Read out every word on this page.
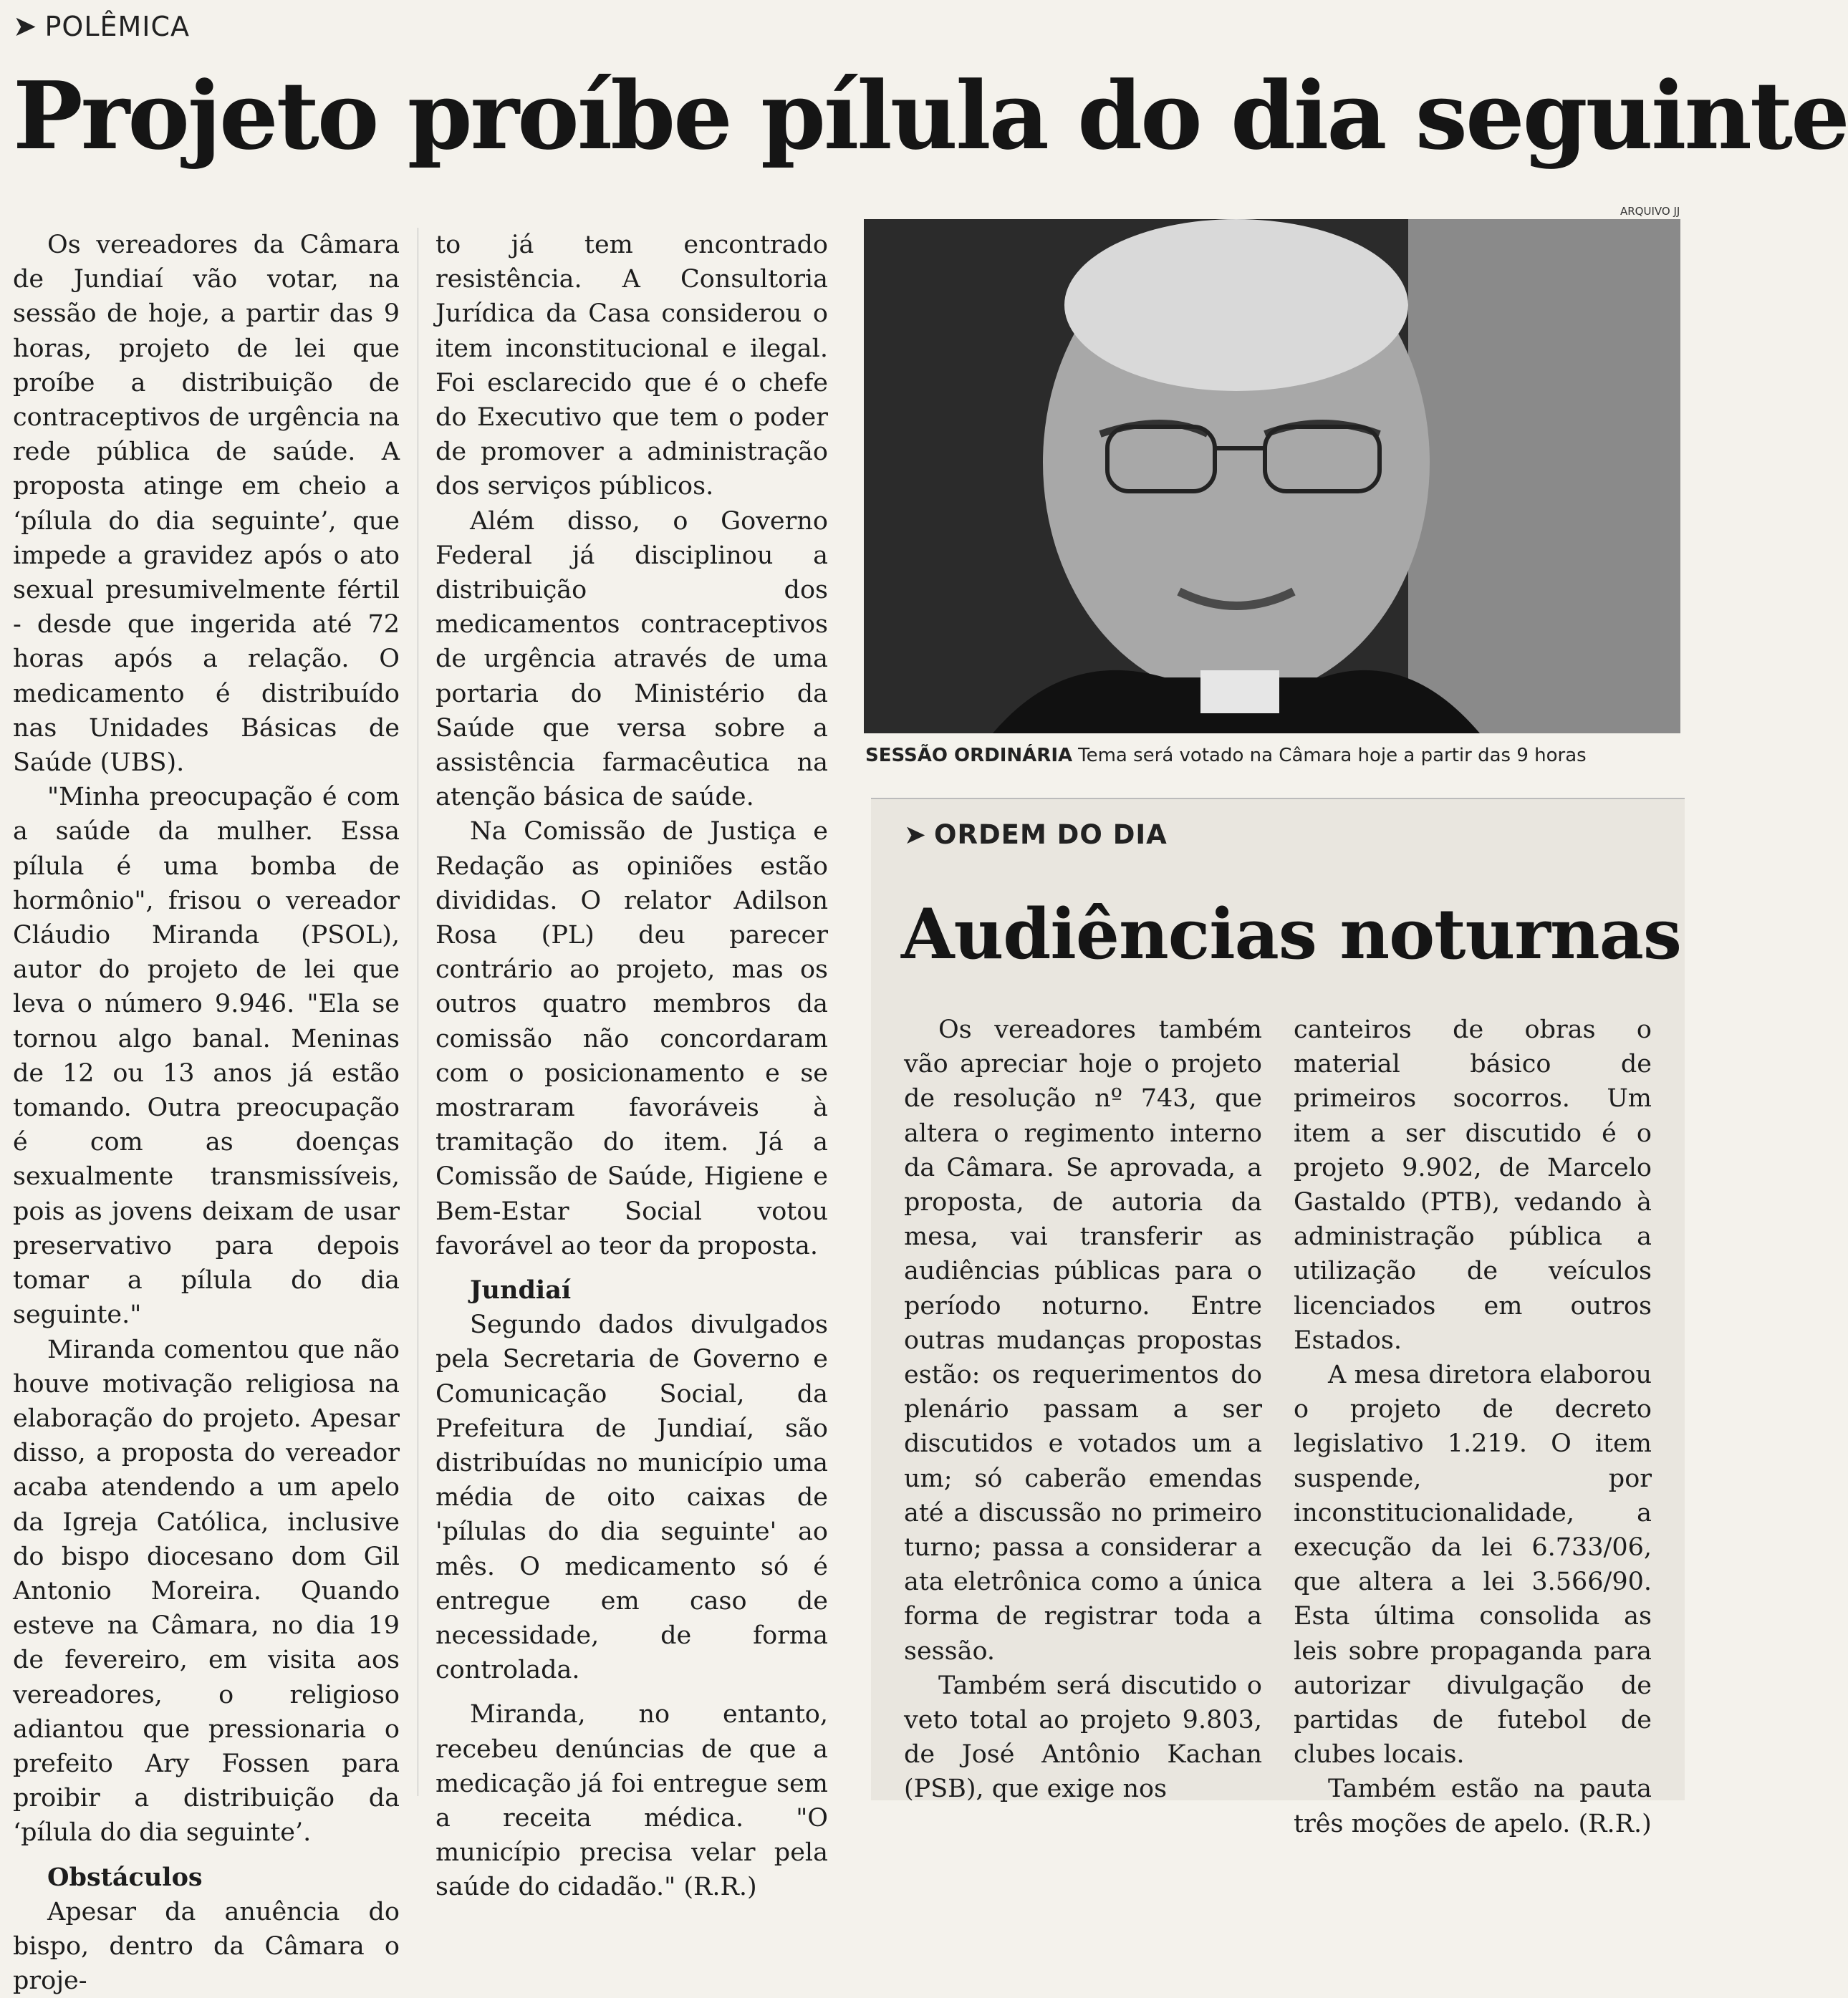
➤ POLÊMICA
Projeto proíbe pílula do dia seguinte

Os vereadores da Câmara de Jundiaí vão votar, na sessão de hoje, a partir das 9 horas, projeto de lei que proíbe a distribuição de contraceptivos de urgência na rede pública de saúde. A proposta atinge em cheio a ‘pílula do dia seguinte’, que impede a gravidez após o ato sexual presumivelmente fértil - desde que ingerida até 72 horas após a relação. O medicamento é distribuído nas Unidades Básicas de Saúde (UBS).

"Minha preocupação é com a saúde da mulher. Essa pílula é uma bomba de hormônio", frisou o vereador Cláudio Miranda (PSOL), autor do projeto de lei que leva o número 9.946. "Ela se tornou algo banal. Meninas de 12 ou 13 anos já estão tomando. Outra preocupação é com as doenças sexualmente transmissíveis, pois as jovens deixam de usar preservativo para depois tomar a pílula do dia seguinte."

Miranda comentou que não houve motivação religiosa na elaboração do projeto. Apesar disso, a proposta do vereador acaba atendendo a um apelo da Igreja Católica, inclusive do bispo diocesano dom Gil Antonio Moreira. Quando esteve na Câmara, no dia 19 de fevereiro, em visita aos vereadores, o religioso adiantou que pressionaria o prefeito Ary Fossen para proibir a distribuição da ‘pílula do dia seguinte’.

Obstáculos

Apesar da anuência do bispo, dentro da Câmara o proje-

to já tem encontrado resistência. A Consultoria Jurídica da Casa considerou o item inconstitucional e ilegal. Foi esclarecido que é o chefe do Executivo que tem o poder de promover a administração dos serviços públicos.

Além disso, o Governo Federal já disciplinou a distribuição dos medicamentos contraceptivos de urgência através de uma portaria do Ministério da Saúde que versa sobre a assistência farmacêutica na atenção básica de saúde.

Na Comissão de Justiça e Redação as opiniões estão divididas. O relator Adilson Rosa (PL) deu parecer contrário ao projeto, mas os outros quatro membros da comissão não concordaram com o posicionamento e se mostraram favoráveis à tramitação do item. Já a Comissão de Saúde, Higiene e Bem-Estar Social votou favorável ao teor da proposta.

Jundiaí

Segundo dados divulgados pela Secretaria de Governo e Comunicação Social, da Prefeitura de Jundiaí, são distribuídas no município uma média de oito caixas de 'pílulas do dia seguinte' ao mês. O medicamento só é entregue em caso de necessidade, de forma controlada.

Miranda, no entanto, recebeu denúncias de que a medicação já foi entregue sem a receita médica. "O município precisa velar pela saúde do cidadão." (R.R.)

ARQUIVO JJ
SESSÃO ORDINÁRIA Tema será votado na Câmara hoje a partir das 9 horas
➤ ORDEM DO DIA
Audiências noturnas

Os vereadores também vão apreciar hoje o projeto de resolução nº 743, que altera o regimento interno da Câmara. Se aprovada, a proposta, de autoria da mesa, vai transferir as audiências públicas para o período noturno. Entre outras mudanças propostas estão: os requerimentos do plenário passam a ser discutidos e votados um a um; só caberão emendas até a discussão no primeiro turno; passa a considerar a ata eletrônica como a única forma de registrar toda a sessão.

Também será discutido o veto total ao projeto 9.803, de José Antônio Kachan (PSB), que exige nos

canteiros de obras o material básico de primeiros socorros. Um item a ser discutido é o projeto 9.902, de Marcelo Gastaldo (PTB), vedando à administração pública a utilização de veículos licenciados em outros Estados.

A mesa diretora elaborou o projeto de decreto legislativo 1.219. O item suspende, por inconstitucionalidade, a execução da lei 6.733/06, que altera a lei 3.566/90. Esta última consolida as leis sobre propaganda para autorizar divulgação de partidas de futebol de clubes locais.

Também estão na pauta três moções de apelo. (R.R.)
